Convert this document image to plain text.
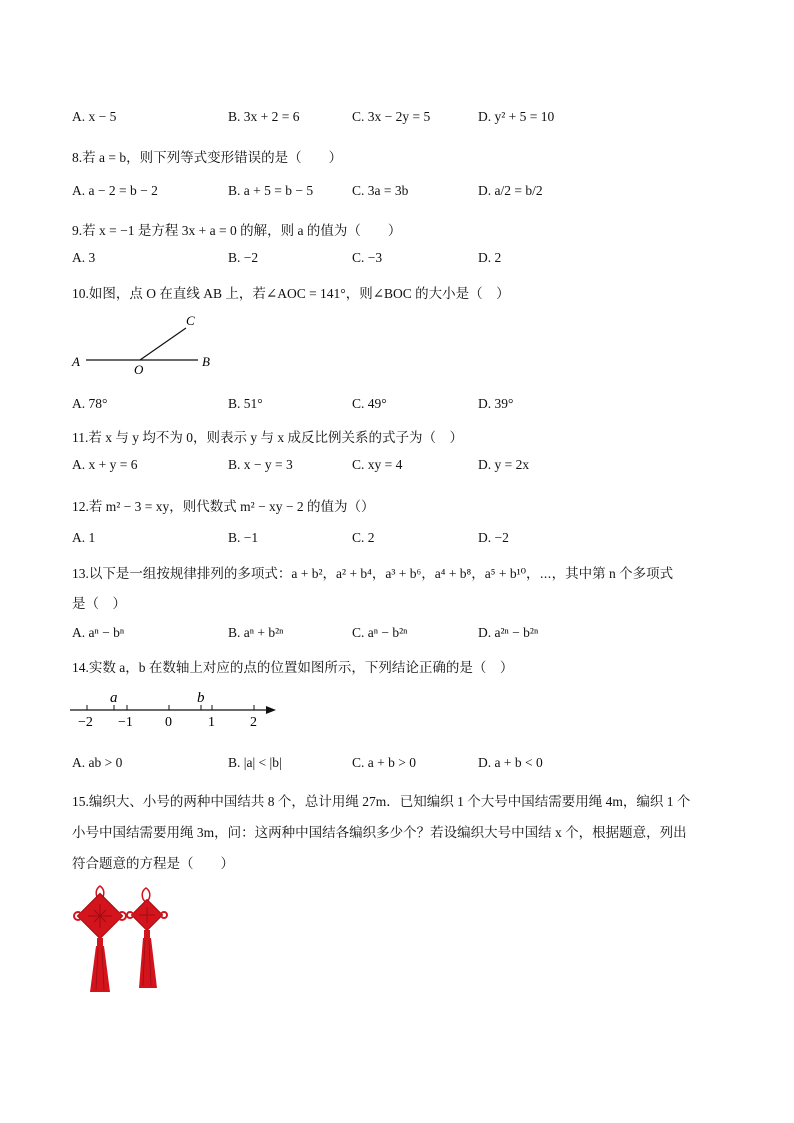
A. x − 5	B. 3x + 2 = 6	C. 3x − 2y = 5	D. y² + 5 = 10
8.若 a = b，则下列等式变形错误的是（　　）
A. a − 2 = b − 2	B. a + 5 = b − 5	C. 3a = 3b	D. a/2 = b/2
9.若 x = −1 是方程 3x + a = 0 的解，则 a 的值为（　　）
A. 3	B. −2	C. −3	D. 2
10.如图，点 O 在直线 AB 上，若∠AOC = 141°，则∠BOC 的大小是（　）
A	B
C
O
A. 78°	B. 51°	C. 49°	D. 39°
11.若 x 与 y 均不为 0，则表示 y 与 x 成反比例关系的式子为（　）
A. x + y = 6	B. x − y = 3	C. xy = 4	D. y = 2x
12.若 m² − 3 = xy，则代数式 m² − xy − 2 的值为（）
A. 1	B. −1	C. 2	D. −2
13.以下是一组按规律排列的多项式：a + b²，a² + b⁴，a³ + b⁶，a⁴ + b⁸，a⁵ + b¹⁰，⋯，其中第 n 个多项式
是（　）
A. aⁿ − bⁿ	B. aⁿ + b²ⁿ	C. aⁿ − b²ⁿ	D. a²ⁿ − b²ⁿ
14.实数 a，b 在数轴上对应的点的位置如图所示，下列结论正确的是（　）
−2 −1 0	1	2
a	b
A. ab > 0	B. |a| < |b|	C. a + b > 0	D. a + b < 0
15.编织大、小号的两种中国结共 8 个，总计用绳 27m．已知编织 1 个大号中国结需要用绳 4m，编织 1 个
小号中国结需要用绳 3m，问：这两种中国结各编织多少个？若设编织大号中国结 x 个，根据题意，列出
符合题意的方程是（　　）
